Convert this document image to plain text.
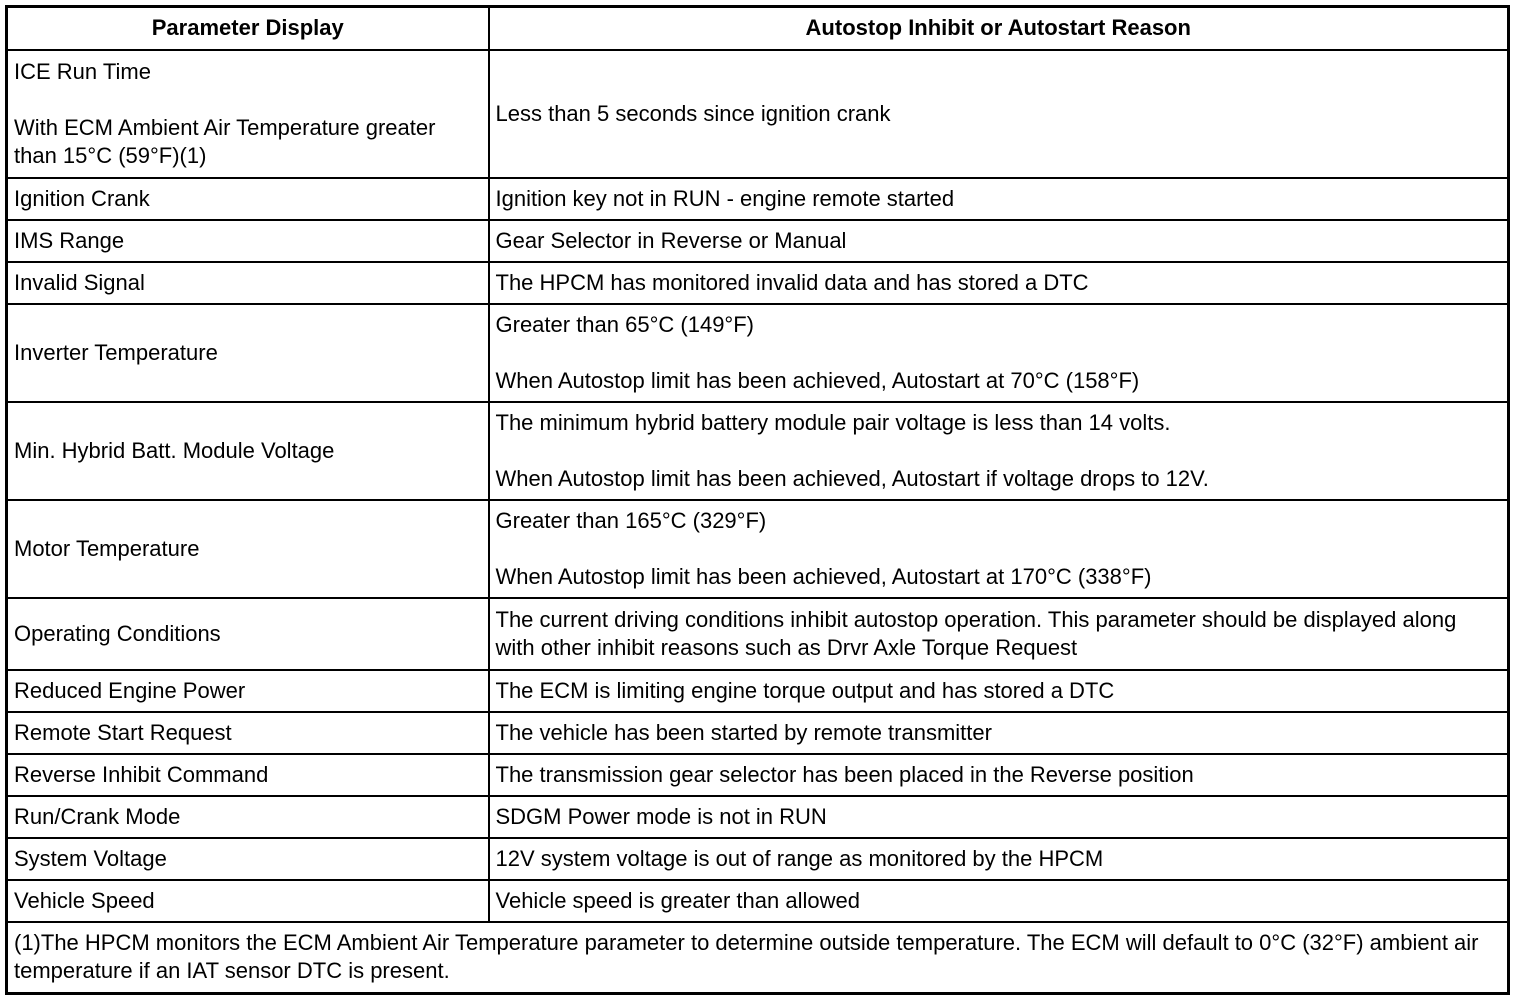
Parameter Display	Autostop Inhibit or Autostart Reason

ICE Run Time

With ECM Ambient Air Temperature greater than 15°C (59°F)(1)	Less than 5 seconds since ignition crank

Ignition Crank	Ignition key not in RUN - engine remote started
IMS Range	Gear Selector in Reverse or Manual
Invalid Signal	The HPCM has monitored invalid data and has stored a DTC
Inverter Temperature	Greater than 65°C (149°F)

When Autostop limit has been achieved, Autostart at 70°C (158°F)

Min. Hybrid Batt. Module Voltage	The minimum hybrid battery module pair voltage is less than 14 volts.

When Autostop limit has been achieved, Autostart if voltage drops to 12V.

Motor Temperature	Greater than 165°C (329°F)

When Autostop limit has been achieved, Autostart at 170°C (338°F)

Operating Conditions	The current driving conditions inhibit autostop operation. This parameter should be displayed along with other inhibit reasons such as Drvr Axle Torque Request
Reduced Engine Power	The ECM is limiting engine torque output and has stored a DTC
Remote Start Request	The vehicle has been started by remote transmitter
Reverse Inhibit Command	The transmission gear selector has been placed in the Reverse position
Run/Crank Mode	SDGM Power mode is not in RUN
System Voltage	12V system voltage is out of range as monitored by the HPCM
Vehicle Speed	Vehicle speed is greater than allowed
(1)The HPCM monitors the ECM Ambient Air Temperature parameter to determine outside temperature. The ECM will default to 0°C (32°F) ambient air temperature if an IAT sensor DTC is present.	
